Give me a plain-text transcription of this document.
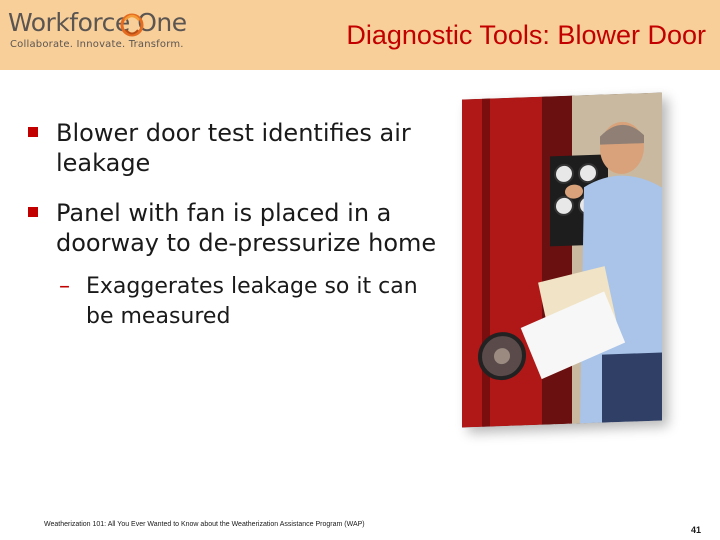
Workforce One
Collaborate. Innovate. Transform.	Diagnostic Tools: Blower Door
Blower door test identifies air leakage
Panel with fan is placed in a doorway to de-pressurize home
– Exaggerates leakage so it can be measured
Weatherization 101: All You Ever Wanted to Know about the Weatherization Assistance Program (WAP)
41
